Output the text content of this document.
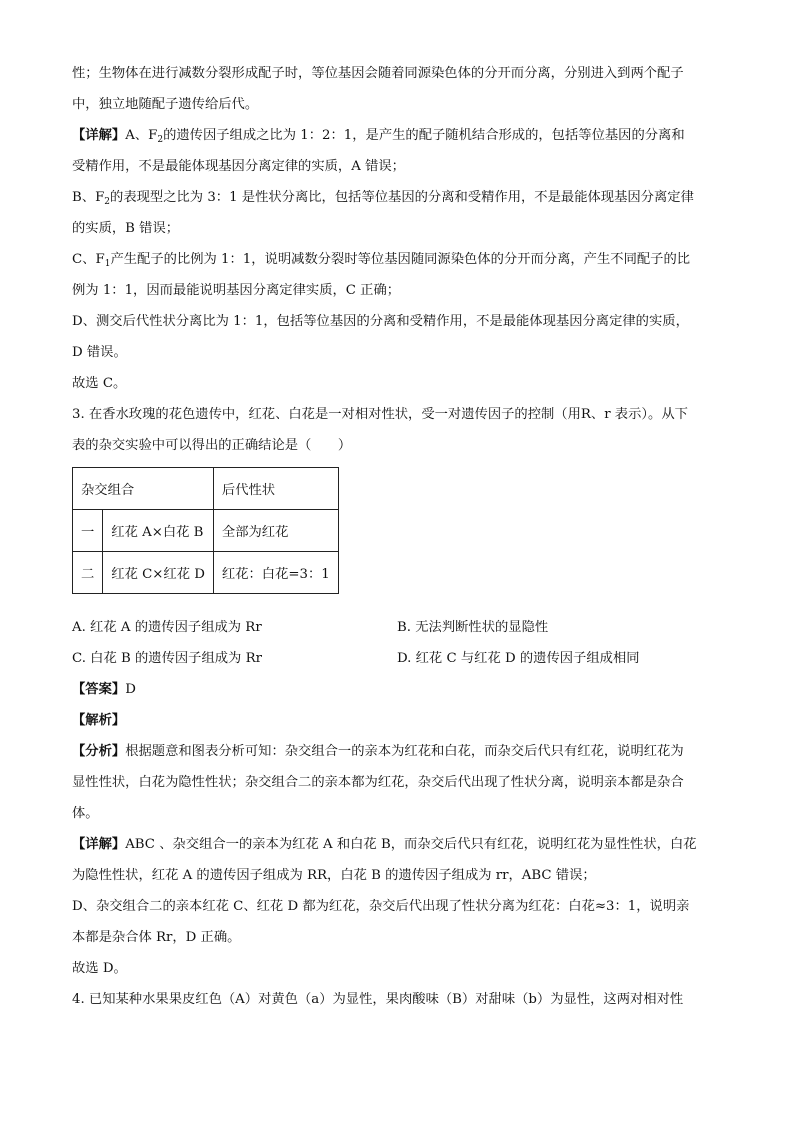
性；生物体在进行减数分裂形成配子时，等位基因会随着同源染色体的分开而分离，分别进入到两个配子

中，独立地随配子遗传给后代。

【详解】A、$F_2$的遗传因子组成之比为 1：2：1，是产生的配子随机结合形成的，包括等位基因的分离和

受精作用，不是最能体现基因分离定律的实质，A 错误；

B、$F_2$的表现型之比为 3：1 是性状分离比，包括等位基因的分离和受精作用，不是最能体现基因分离定律

的实质，B 错误；

C、$F_1$产生配子的比例为 1：1，说明减数分裂时等位基因随同源染色体的分开而分离，产生不同配子的比

例为 1：1，因而最能说明基因分离定律实质，C 正确；

D、测交后代性状分离比为 1：1，包括等位基因的分离和受精作用，不是最能体现基因分离定律的实质，

D 错误。

故选 C。

3. 在香水玫瑰的花色遗传中，红花、白花是一对相对性状，受一对遗传因子的控制（用R、r 表示）。从下

表的杂交实验中可以得出的正确结论是（　　）

杂交组合		后代性状
一	红花 A×白花 B	全部为红花
二	红花 C×红花 D	红花：白花=3：1
A. 红花 A 的遗传因子组成为 Rr	B. 无法判断性状的显隐性
C. 白花 B 的遗传因子组成为 Rr	D. 红花 C 与红花 D 的遗传因子组成相同

【答案】D

【解析】

【分析】根据题意和图表分析可知：杂交组合一的亲本为红花和白花，而杂交后代只有红花，说明红花为

显性性状，白花为隐性性状；杂交组合二的亲本都为红花，杂交后代出现了性状分离，说明亲本都是杂合

体。

【详解】ABC 、杂交组合一的亲本为红花 A 和白花 B，而杂交后代只有红花，说明红花为显性性状，白花

为隐性性状，红花 A 的遗传因子组成为 RR，白花 B 的遗传因子组成为 rr，ABC 错误；

D、杂交组合二的亲本红花 C、红花 D 都为红花，杂交后代出现了性状分离为红花：白花≈3：1，说明亲

本都是杂合体 Rr，D 正确。

故选 D。

4. 已知某种水果果皮红色（A）对黄色（a）为显性，果肉酸味（B）对甜味（b）为显性，这两对相对性
